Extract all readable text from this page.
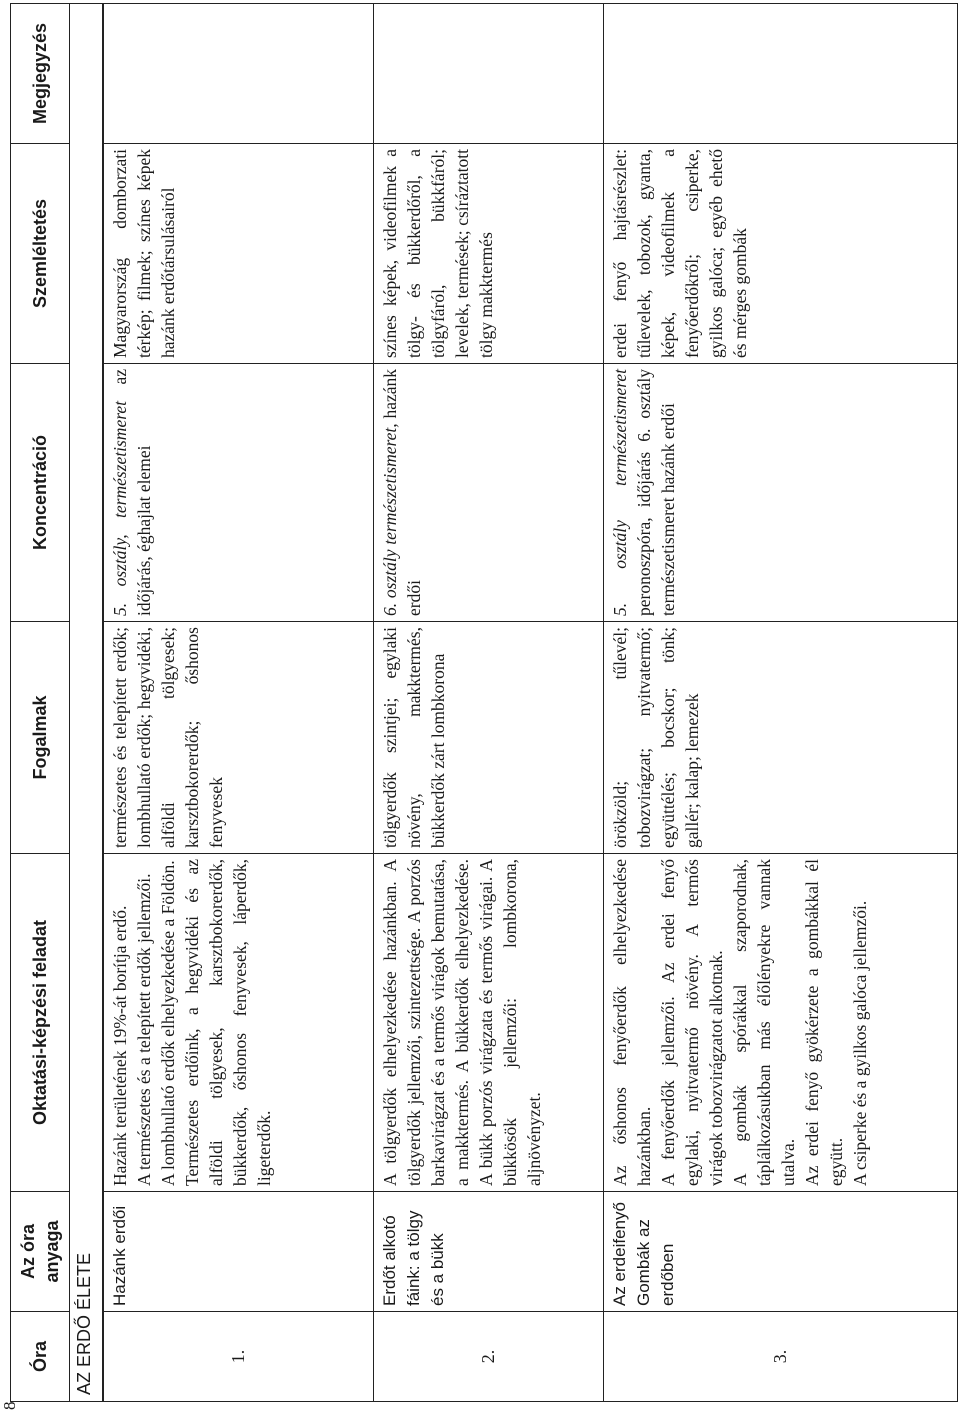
8
Óra	Az óra anyaga	Oktatási-képzési feladat	Fogalmak	Koncentráció	Szemléltetés	Megjegyzés
AZ ERDŐ ÉLETE						
1.	Hazánk erdői	Hazánk területének 19%-át borítja erdő. A természetes és a telepített erdők jellemzői. A lombhullató erdők elhelyezkedése a Földön. Természetes erdőink, a hegyvidéki és az alföldi tölgyesek, karsztbokorerdők, bükkerdők, őshonos fenyvesek, láperdők, ligeterdők.	természetes és telepített erdők; lombhullató erdők; hegyvidéki, alföldi tölgyesek; karsztbokorerdők; őshonos fenyvesek	5. osztály, természetismeret az időjárás, éghajlat elemei	Magyarország domborzati térkép; filmek; színes képek hazánk erdőtársulásairól	
2.	Erdőt alkotó fáink: a tölgy és a bükk	A tölgyerdők elhelyezkedése hazánkban. A tölgyerdők jellemzői, szintezettsége. A porzós barkavirágzat és a termős virágok bemutatása, a makktermés. A bükkerdők elhelyezkedése. A bükk porzós virágzata és termős virágai. A bükkösök jellemzői: lombkorona, aljnövényzet.	tölgyerdők szintjei; egylaki növény, makktermés, bükkerdők zárt lombkorona	6. osztály természetismeret, hazánk erdői	színes képek, videofilmek a tölgy- és bükkerdőről, a tölgyfáról, bükkfáról; levelek, termések; csíráztatott tölgy makktermés	
3.	Az erdeifenyő Gombák az erdőben	Az őshonos fenyőerdők elhelyezkedése hazánkban. A fenyőerdők jellemzői. Az erdei fenyő egylaki, nyitvatermő növény. A termős virágok tobozvirágzatot alkotnak. A gombák spórákkal szaporodnak, táplálkozásukban más élőlényekre vannak utalva. Az erdei fenyő gyökérzete a gombákkal él együtt. A csiperke és a gyilkos galóca jellemzői.	örökzöld; tűlevél; tobozvirágzat; nyitvatermő; együttélés; bocskor; tönk; gallér; kalap; lemezek	5. osztály természetismeret peronoszpóra, időjárás 6. osztály természetismeret hazánk erdői	erdei fenyő hajtásrészlet: tűlevelek, tobozok, gyanta, képek, videofilmek a fenyőerdőkről; csiperke, gyilkos galóca; egyéb ehető és mérges gombák	
